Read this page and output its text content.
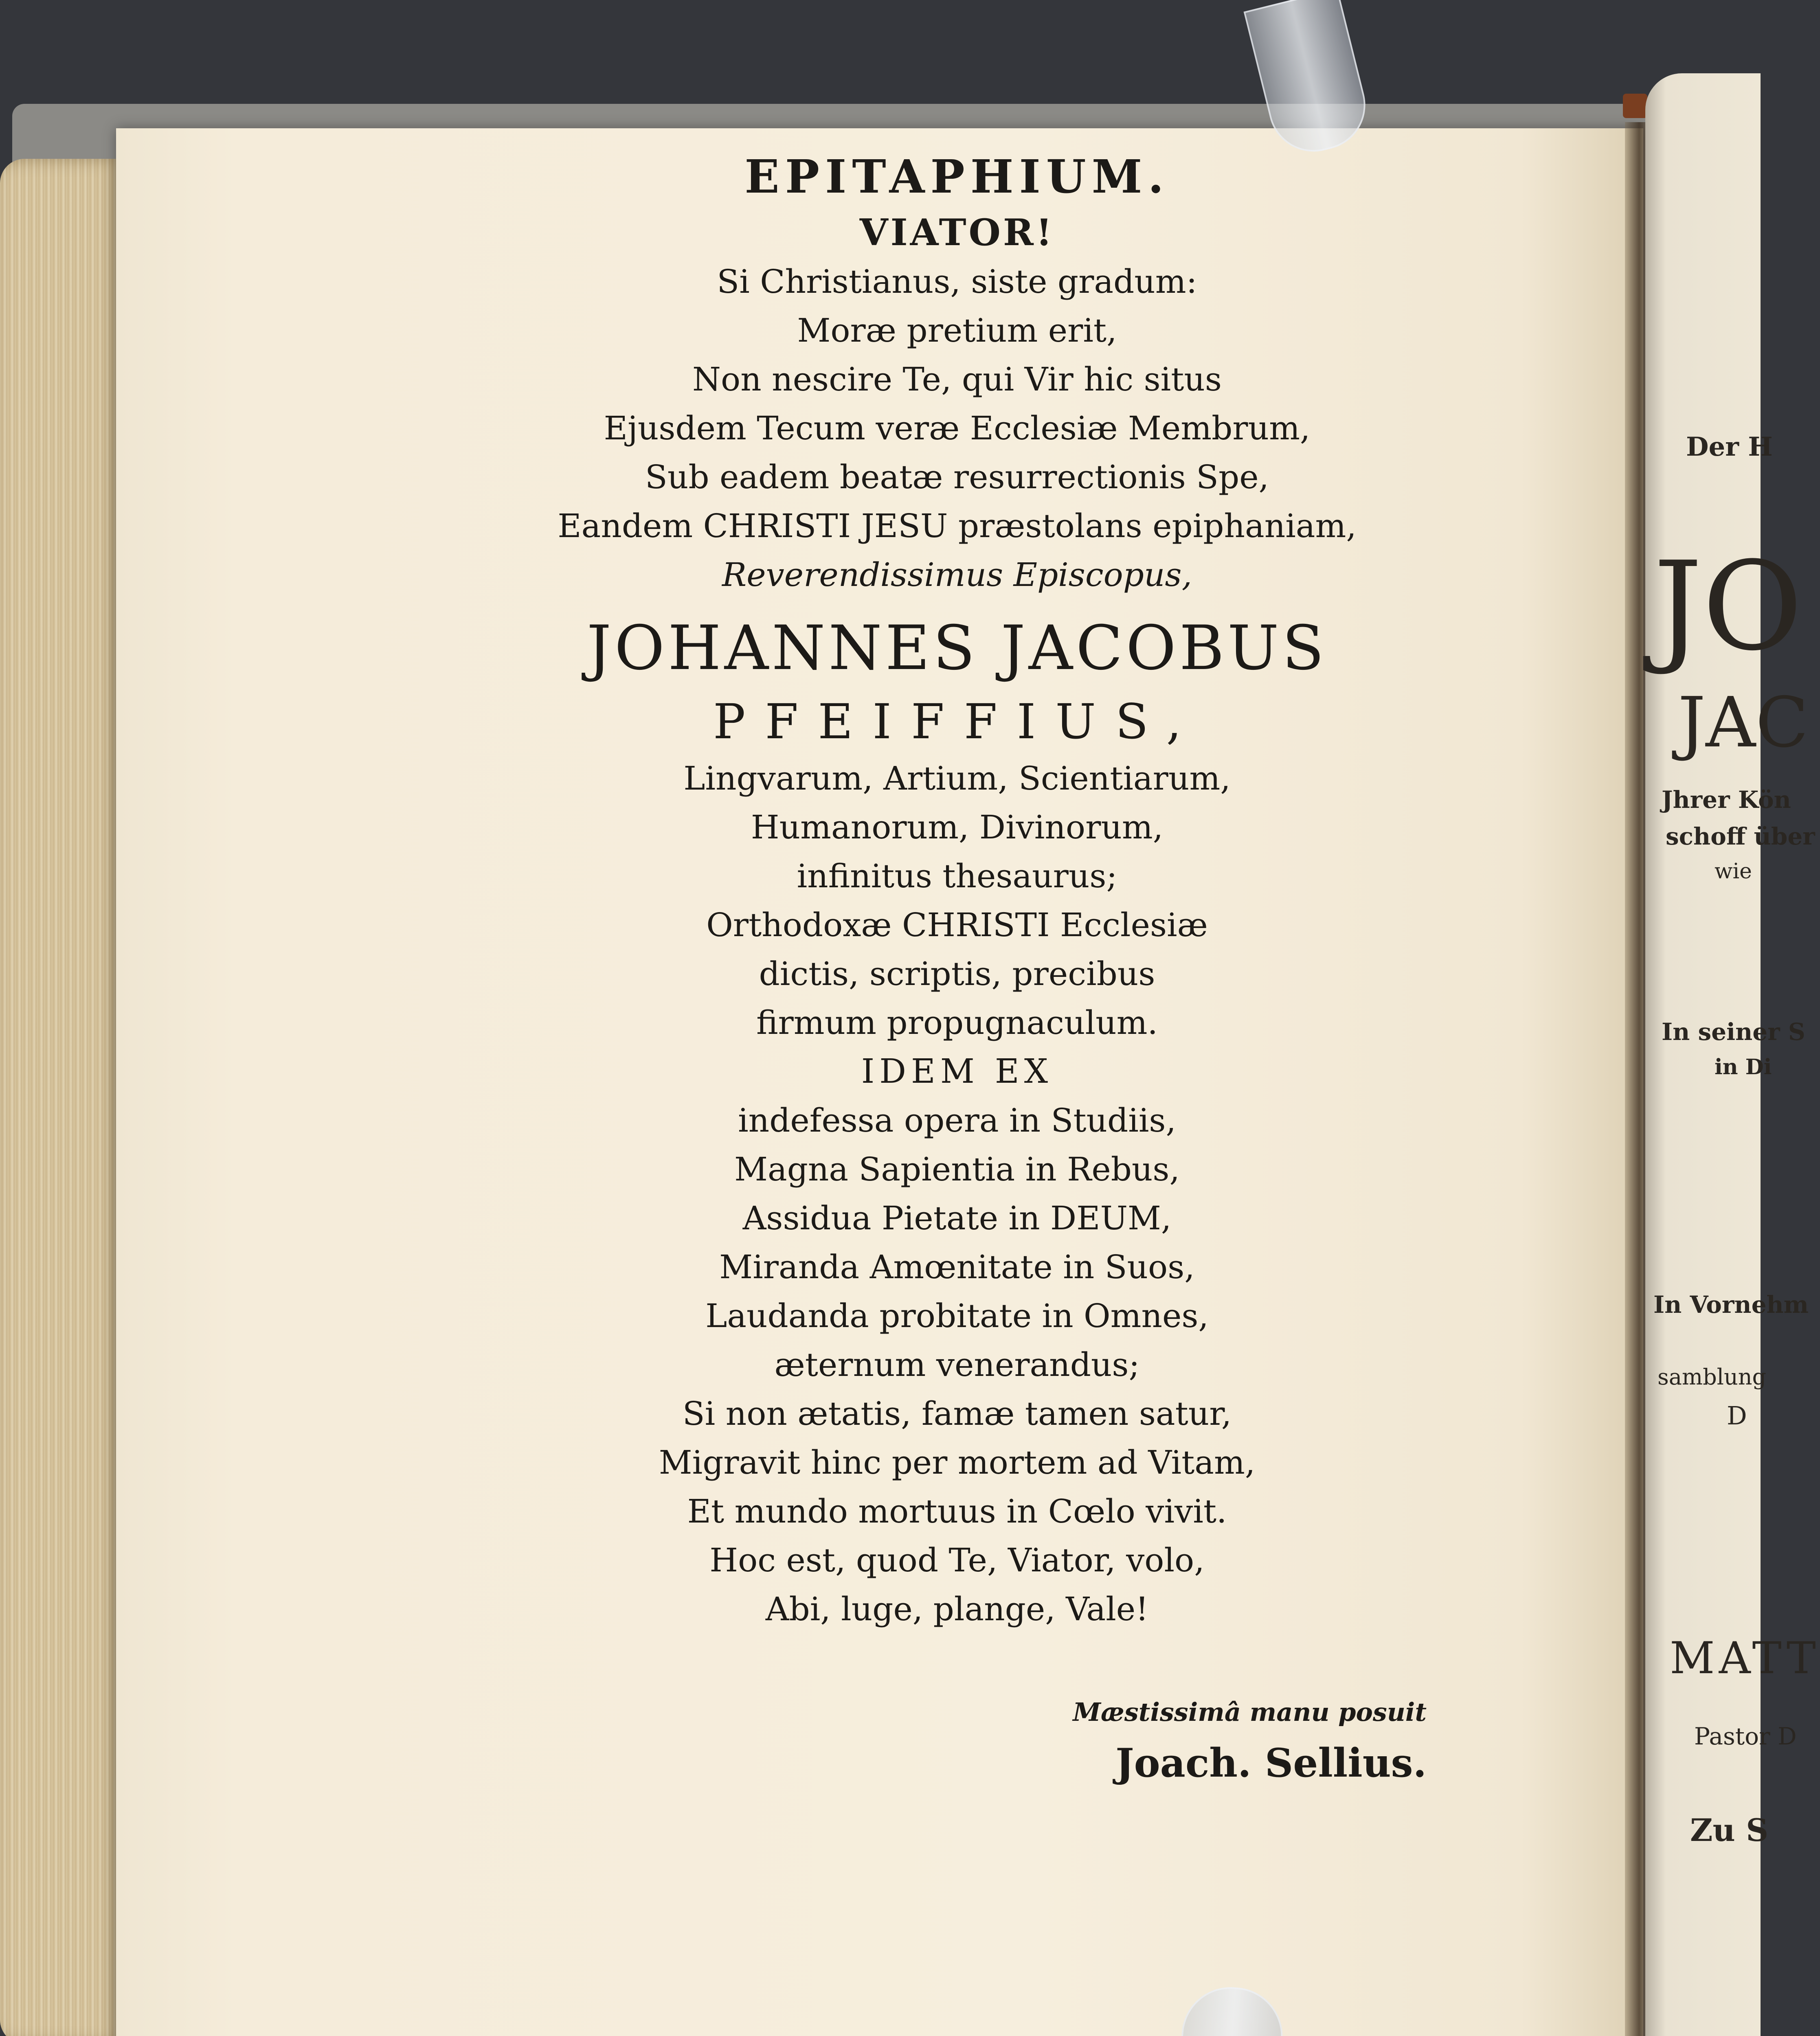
Der H
JO
JAC
Jhrer Kön
schoff über
wie
In seiner S
in Di
In Vornehm
samblung
D
MATT
Pastor D
Zu S
EPITAPHIUM.
VIATOR!
Si Christianus, siste gradum:
Moræ pretium erit,
Non nescire Te, qui Vir hic situs
Ejusdem Tecum veræ Ecclesiæ Membrum,
Sub eadem beatæ resurrectionis Spe,
Eandem CHRISTI JESU præstolans epiphaniam,
Reverendissimus Episcopus,
JOHANNES JACOBUS
PFEIFFIUS,
Lingvarum, Artium, Scientiarum,
Humanorum, Divinorum,
infinitus thesaurus;
Orthodoxæ CHRISTI Ecclesiæ
dictis, scriptis, precibus
firmum propugnaculum.
IDEM EX
indefessa opera in Studiis,
Magna Sapientia in Rebus,
Assidua Pietate in DEUM,
Miranda Amœnitate in Suos,
Laudanda probitate in Omnes,
æternum venerandus;
Si non ætatis, famæ tamen satur,
Migravit hinc per mortem ad Vitam,
Et mundo mortuus in Cœlo vivit.
Hoc est, quod Te, Viator, volo,
Abi, luge, plange, Vale!
Mæstissimâ manu posuit
Joach. Sellius.
